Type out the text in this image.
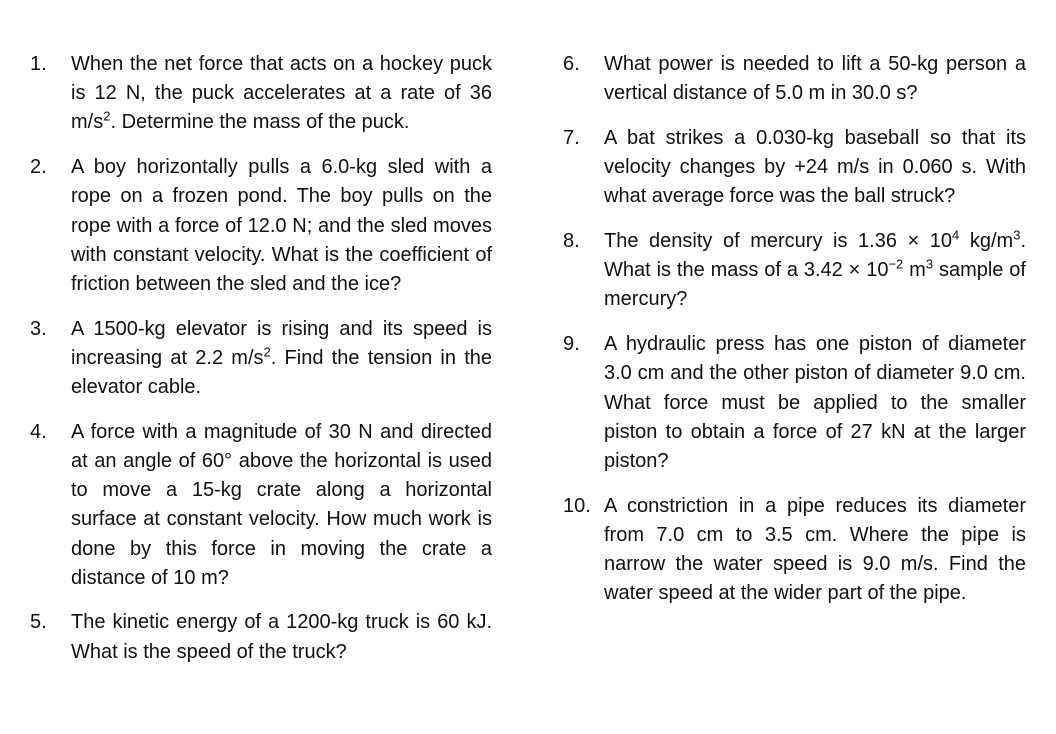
1. When the net force that acts on a hockey puck is 12 N, the puck accelerates at a rate of 36 $m/s^2$. Determine the mass of the puck.

2. A boy horizontally pulls a 6.0-kg sled with a rope on a frozen pond. The boy pulls on the rope with a force of 12.0 N; and the sled moves with constant velocity. What is the coefficient of friction between the sled and the ice?

3. A 1500-kg elevator is rising and its speed is increasing at 2.2 $m/s^2$. Find the tension in the elevator cable.

4. A force with a magnitude of 30 N and directed at an angle of 60° above the horizontal is used to move a 15-kg crate along a horizontal surface at constant velocity. How much work is done by this force in moving the crate a distance of 10 m?

5. The kinetic energy of a 1200-kg truck is 60 kJ. What is the speed of the truck?

6. What power is needed to lift a 50-kg person a vertical distance of 5.0 m in 30.0 s?

7. A bat strikes a 0.030-kg baseball so that its velocity changes by +24 m/s in 0.060 s. With what average force was the ball struck?

8. The density of mercury is $1.36 \times 10^4$ $kg/m^3$. What is the mass of a $3.42 \times 10^{-2}$ $m^3$ sample of mercury?

9. A hydraulic press has one piston of diameter 3.0 cm and the other piston of diameter 9.0 cm. What force must be applied to the smaller piston to obtain a force of 27 kN at the larger piston?

10. A constriction in a pipe reduces its diameter from 7.0 cm to 3.5 cm. Where the pipe is narrow the water speed is 9.0 m/s. Find the water speed at the wider part of the pipe.
